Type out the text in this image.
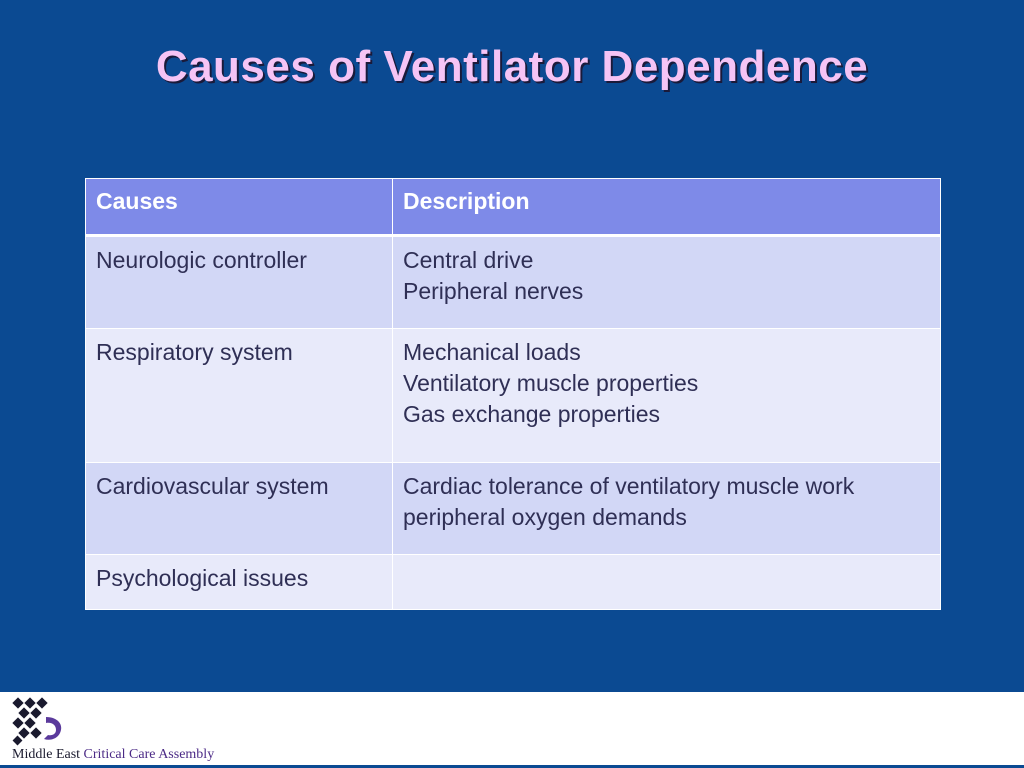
Causes of Ventilator Dependence
Causes	Description
Neurologic controller	Central drive
Peripheral nerves

Respiratory system	Mechanical loads
Ventilatory muscle properties
Gas exchange properties

Cardiovascular system	Cardiac tolerance of ventilatory muscle work
peripheral oxygen demands

Psychological issues	
Middle East Critical Care Assembly
